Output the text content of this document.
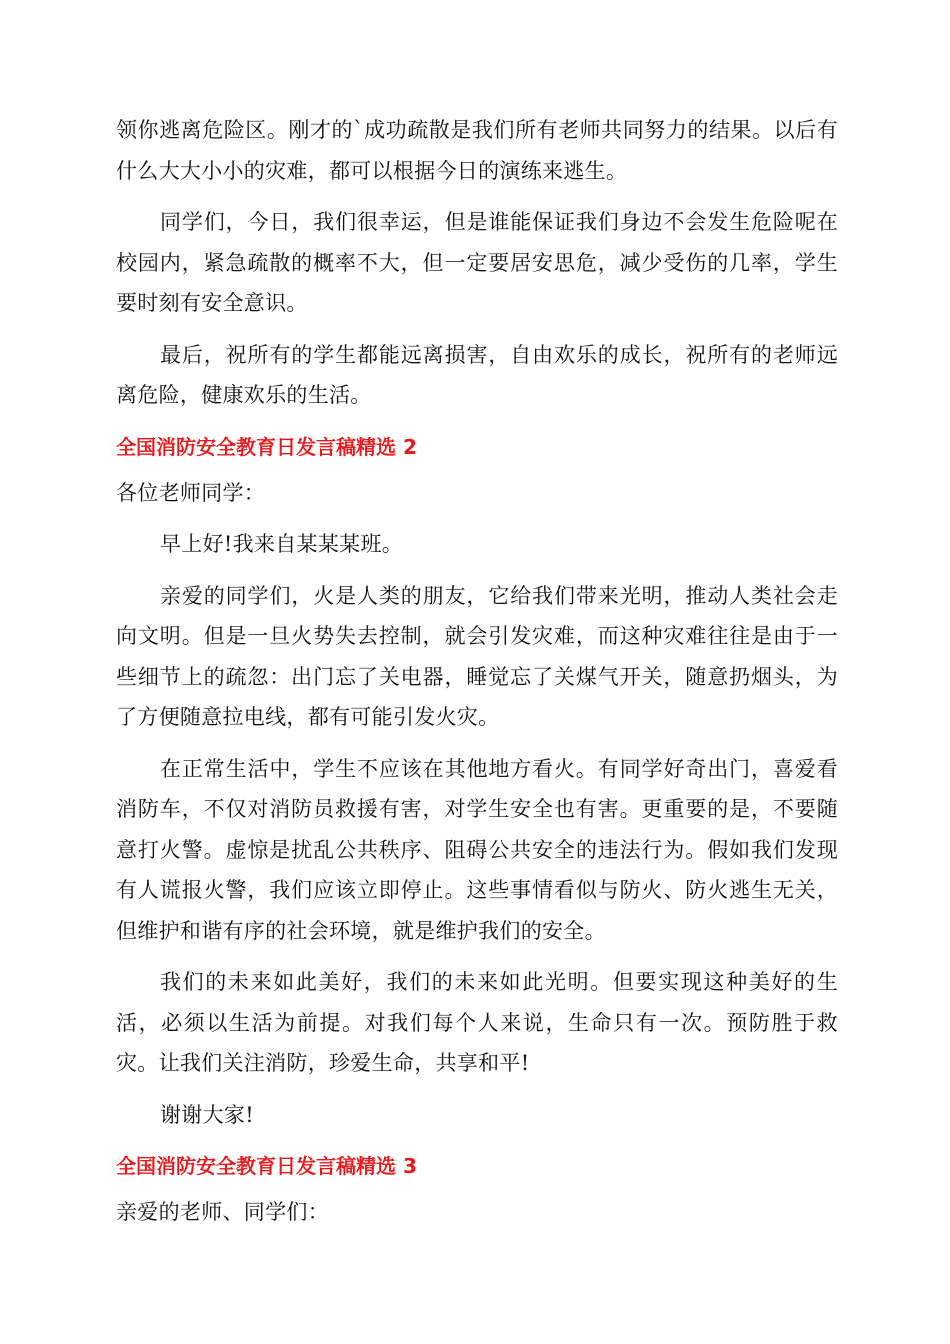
领你逃离危险区。刚才的`成功疏散是我们所有老师共同努力的结果。以后有什么大大小小的灾难，都可以根据今日的演练来逃生。

同学们，今日，我们很幸运，但是谁能保证我们身边不会发生危险呢在校园内，紧急疏散的概率不大，但一定要居安思危，减少受伤的几率，学生要时刻有安全意识。

最后，祝所有的学生都能远离损害，自由欢乐的成长，祝所有的老师远离危险，健康欢乐的生活。

全国消防安全教育日发言稿精选 2

各位老师同学：

早上好!我来自某某某班。

亲爱的同学们，火是人类的朋友，它给我们带来光明，推动人类社会走向文明。但是一旦火势失去控制，就会引发灾难，而这种灾难往往是由于一些细节上的疏忽：出门忘了关电器，睡觉忘了关煤气开关，随意扔烟头，为了方便随意拉电线，都有可能引发火灾。

在正常生活中，学生不应该在其他地方看火。有同学好奇出门，喜爱看消防车，不仅对消防员救援有害，对学生安全也有害。更重要的是，不要随意打火警。虚惊是扰乱公共秩序、阻碍公共安全的违法行为。假如我们发现有人谎报火警，我们应该立即停止。这些事情看似与防火、防火逃生无关，但维护和谐有序的社会环境，就是维护我们的安全。

我们的未来如此美好，我们的未来如此光明。但要实现这种美好的生活，必须以生活为前提。对我们每个人来说，生命只有一次。预防胜于救灾。让我们关注消防，珍爱生命，共享和平!

谢谢大家!

全国消防安全教育日发言稿精选 3

亲爱的老师、同学们：
